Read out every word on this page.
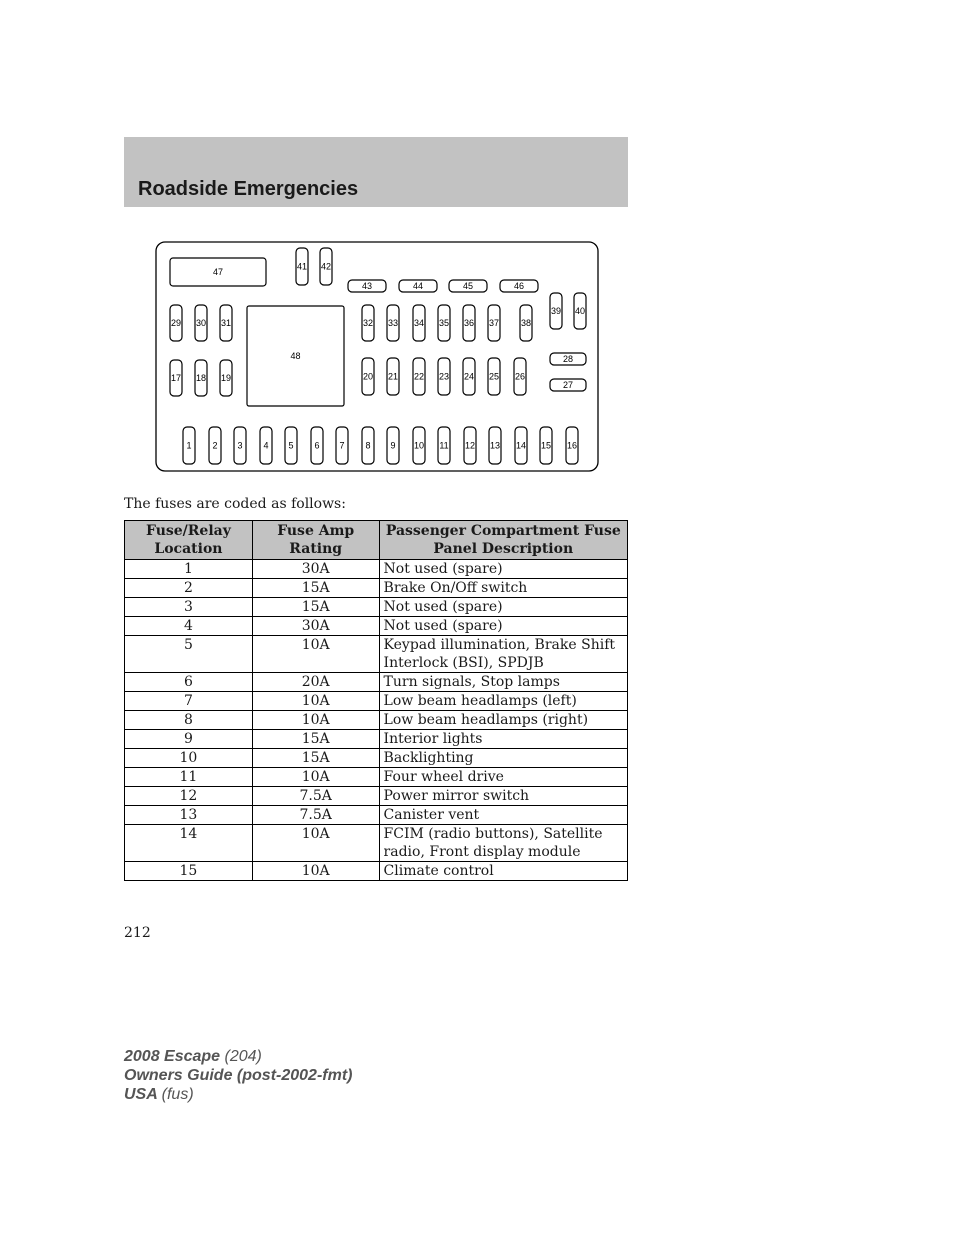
Roadside Emergencies
47
48
41 42
43	44	45	46
29 30 31
17 18 19
32 33 34 35 36 37 38
20 21 22 23 24 25 26
39 40
28
27
1 2 3 4 5 6 7 8 9 10 11 12 13 14 15 16
The fuses are coded as follows:
Fuse/Relay Location	Fuse Amp Rating	Passenger Compartment Fuse Panel Description
1	30A	Not used (spare)
2	15A	Brake On/Off switch
3	15A	Not used (spare)
4	30A	Not used (spare)
5	10A	Keypad illumination, Brake Shift Interlock (BSI), SPDJB
6	20A	Turn signals, Stop lamps
7	10A	Low beam headlamps (left)
8	10A	Low beam headlamps (right)
9	15A	Interior lights
10	15A	Backlighting
11	10A	Four wheel drive
12	7.5A	Power mirror switch
13	7.5A	Canister vent
14	10A	FCIM (radio buttons), Satellite radio, Front display module
15	10A	Climate control
212
2008 Escape (204)
Owners Guide (post-2002-fmt)
USA (fus)
